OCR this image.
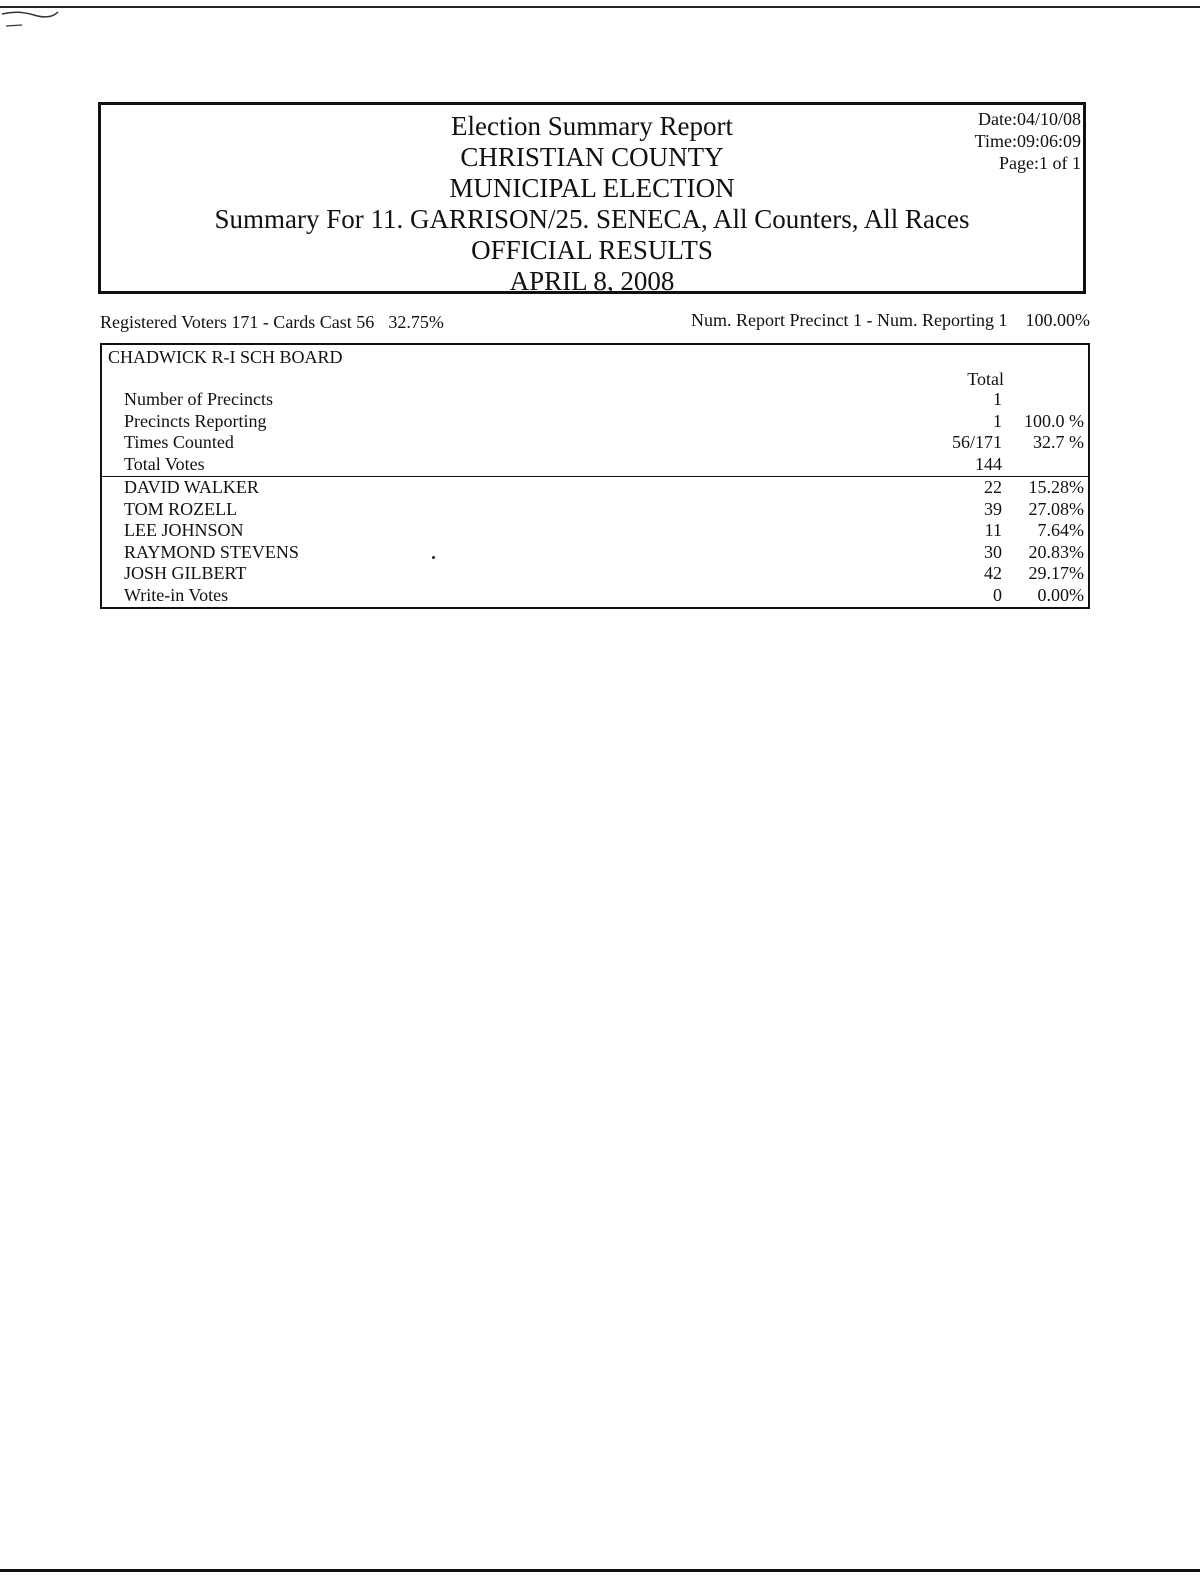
Election Summary Report
CHRISTIAN COUNTY
MUNICIPAL ELECTION
Summary For 11. GARRISON/25. SENECA, All Counters, All Races
OFFICIAL RESULTS
APRIL 8, 2008
Date:04/10/08
Time:09:06:09
Page:1 of 1
Registered Voters 171 - Cards Cast 56 32.75%	Num. Report Precinct 1 - Num. Reporting 1 100.00%
CHADWICK R-I SCH BOARD
Total
Number of Precincts	1
Precincts Reporting	1 100.0 %
Times Counted	56/171 32.7 %
Total Votes	144
DAVID WALKER	22 15.28%
TOM ROZELL	39 27.08%
LEE JOHNSON	11 7.64%
RAYMOND STEVENS	30 20.83%
JOSH GILBERT	42 29.17%
Write-in Votes	0 0.00%
